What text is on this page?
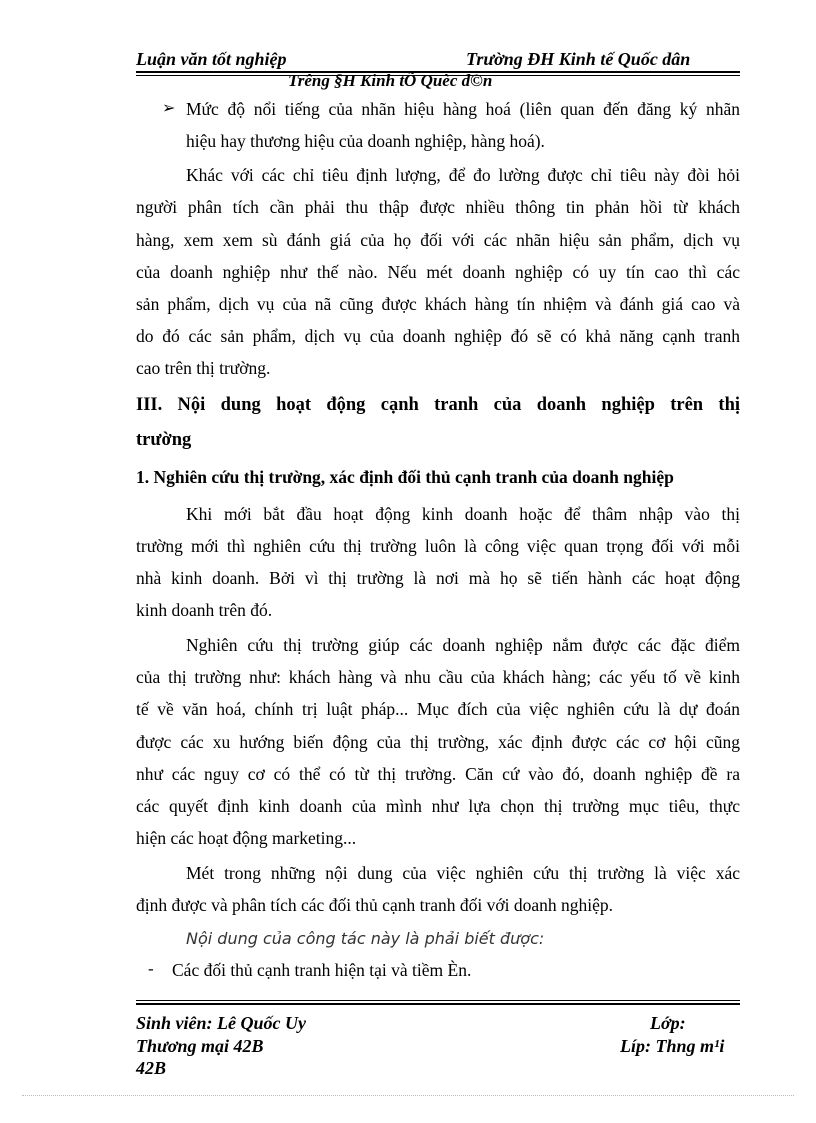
Luận văn tốt nghiệp	Trường ĐH Kinh tế Quốc dân
Trêng §H Kinh tÕ Quèc d©n
➢ Mức độ nổi tiếng của nhãn hiệu hàng hoá (liên quan đến đăng ký nhãn
hiệu hay thương hiệu của doanh nghiệp, hàng hoá).
Khác với các chỉ tiêu định lượng, để đo lường được chỉ tiêu này đòi hỏi
người phân tích cần phải thu thập được nhiều thông tin phản hồi từ khách
hàng, xem xem sù đánh giá của họ đối với các nhãn hiệu sản phẩm, dịch vụ
của doanh nghiệp như thế nào. Nếu mét doanh nghiệp có uy tín cao thì các
sản phẩm, dịch vụ của nã cũng được khách hàng tín nhiệm và đánh giá cao và
do đó các sản phẩm, dịch vụ của doanh nghiệp đó sẽ có khả năng cạnh tranh
cao trên thị trường.
III. Nội dung hoạt động cạnh tranh của doanh nghiệp trên thị
trường
1. Nghiên cứu thị trường, xác định đối thủ cạnh tranh của doanh nghiệp
Khi mới bắt đầu hoạt động kinh doanh hoặc để thâm nhập vào thị
trường mới thì nghiên cứu thị trường luôn là công việc quan trọng đối với mỗi
nhà kinh doanh. Bởi vì thị trường là nơi mà họ sẽ tiến hành các hoạt động
kinh doanh trên đó.
Nghiên cứu thị trường giúp các doanh nghiệp nắm được các đặc điểm
của thị trường như: khách hàng và nhu cầu của khách hàng; các yếu tố về kinh
tế về văn hoá, chính trị luật pháp... Mục đích của việc nghiên cứu là dự đoán
được các xu hướng biến động của thị trường, xác định được các cơ hội cũng
như các nguy cơ có thể có từ thị trường. Căn cứ vào đó, doanh nghiệp đề ra
các quyết định kinh doanh của mình như lựa chọn thị trường mục tiêu, thực
hiện các hoạt động marketing...
Mét trong những nội dung của việc nghiên cứu thị trường là việc xác
định được và phân tích các đối thủ cạnh tranh đối với doanh nghiệp.
Nội dung của công tác này là phải biết được:
- Các đối thủ cạnh tranh hiện tại và tiềm Èn.
Sinh viên: Lê Quốc Uy	Lớp:
Thương mại 42B	Líp: Thng m¹i
42B
